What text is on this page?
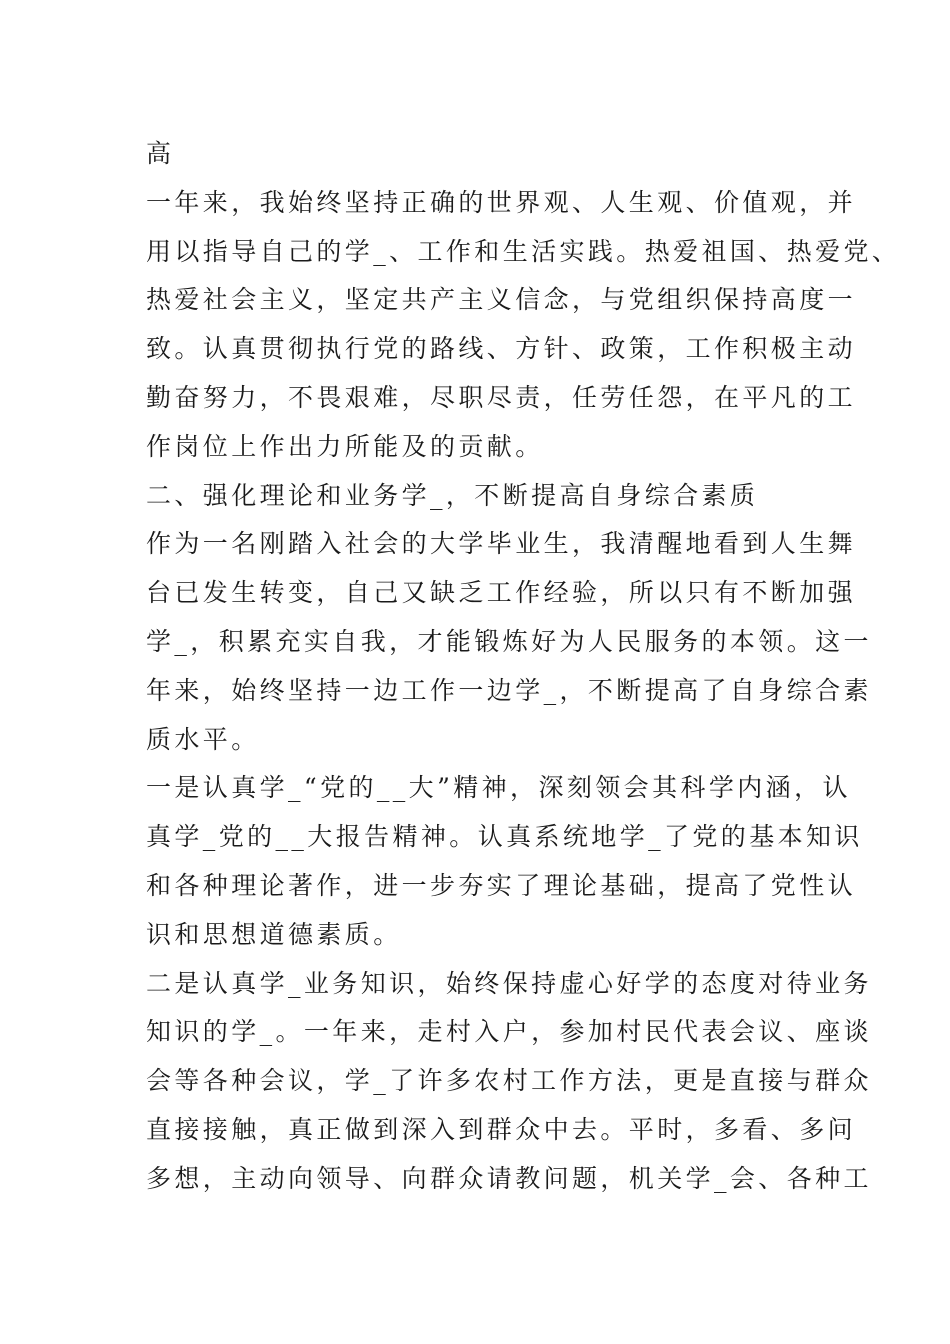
高
一年来，我始终坚持正确的世界观、人生观、价值观，并
用以指导自己的学_、工作和生活实践。热爱祖国、热爱党、
热爱社会主义，坚定共产主义信念，与党组织保持高度一
致。认真贯彻执行党的路线、方针、政策，工作积极主动
勤奋努力，不畏艰难，尽职尽责，任劳任怨，在平凡的工
作岗位上作出力所能及的贡献。
二、强化理论和业务学_，不断提高自身综合素质
作为一名刚踏入社会的大学毕业生，我清醒地看到人生舞
台已发生转变，自己又缺乏工作经验，所以只有不断加强
学_，积累充实自我，才能锻炼好为人民服务的本领。这一
年来，始终坚持一边工作一边学_，不断提高了自身综合素
质水平。
一是认真学_“党的__大”精神，深刻领会其科学内涵，认
真学_党的__大报告精神。认真系统地学_了党的基本知识
和各种理论著作，进一步夯实了理论基础，提高了党性认
识和思想道德素质。
二是认真学_业务知识，始终保持虚心好学的态度对待业务
知识的学_。一年来，走村入户，参加村民代表会议、座谈
会等各种会议，学_了许多农村工作方法，更是直接与群众
直接接触，真正做到深入到群众中去。平时，多看、多问
多想，主动向领导、向群众请教问题，机关学_会、各种工
